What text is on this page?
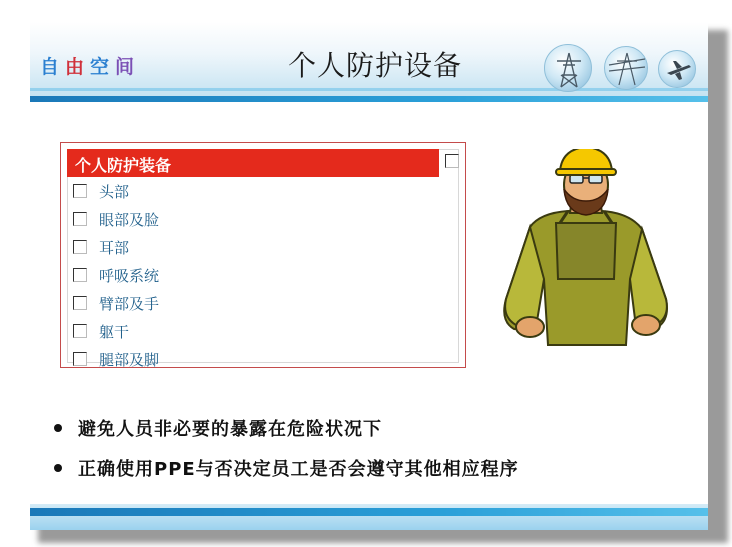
自 由 空 间	个人防护设备
个人防护装备
头部
眼部及脸
耳部
呼吸系统
臂部及手
躯干
腿部及脚
避免人员非必要的暴露在危险状况下
正确使用PPE与否决定员工是否会遵守其他相应程序
